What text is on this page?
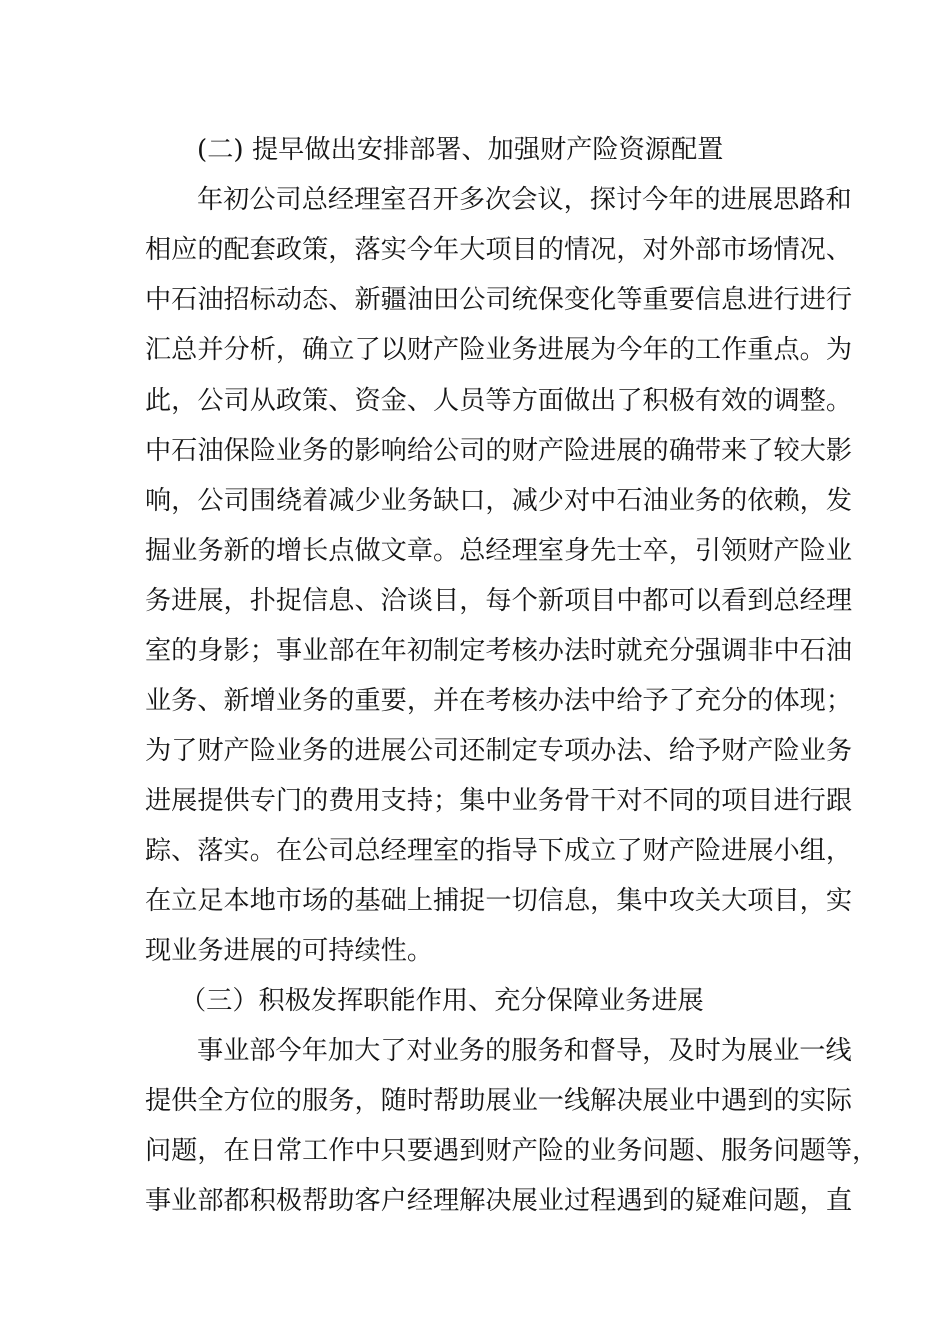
(二) 提早做出安排部署、加强财产险资源配置
年初公司总经理室召开多次会议，探讨今年的进展思路和
相应的配套政策，落实今年大项目的情况，对外部市场情况、
中石油招标动态、新疆油田公司统保变化等重要信息进行进行
汇总并分析，确立了以财产险业务进展为今年的工作重点。为
此，公司从政策、资金、人员等方面做出了积极有效的调整。
中石油保险业务的影响给公司的财产险进展的确带来了较大影
响，公司围绕着减少业务缺口，减少对中石油业务的依赖，发
掘业务新的增长点做文章。总经理室身先士卒，引领财产险业
务进展，扑捉信息、洽谈目，每个新项目中都可以看到总经理
室的身影；事业部在年初制定考核办法时就充分强调非中石油
业务、新增业务的重要，并在考核办法中给予了充分的体现；
为了财产险业务的进展公司还制定专项办法、给予财产险业务
进展提供专门的费用支持；集中业务骨干对不同的项目进行跟
踪、落实。在公司总经理室的指导下成立了财产险进展小组，
在立足本地市场的基础上捕捉一切信息，集中攻关大项目，实
现业务进展的可持续性。
（三）积极发挥职能作用、充分保障业务进展
事业部今年加大了对业务的服务和督导，及时为展业一线
提供全方位的服务，随时帮助展业一线解决展业中遇到的实际
问题，在日常工作中只要遇到财产险的业务问题、服务问题等，
事业部都积极帮助客户经理解决展业过程遇到的疑难问题，直
